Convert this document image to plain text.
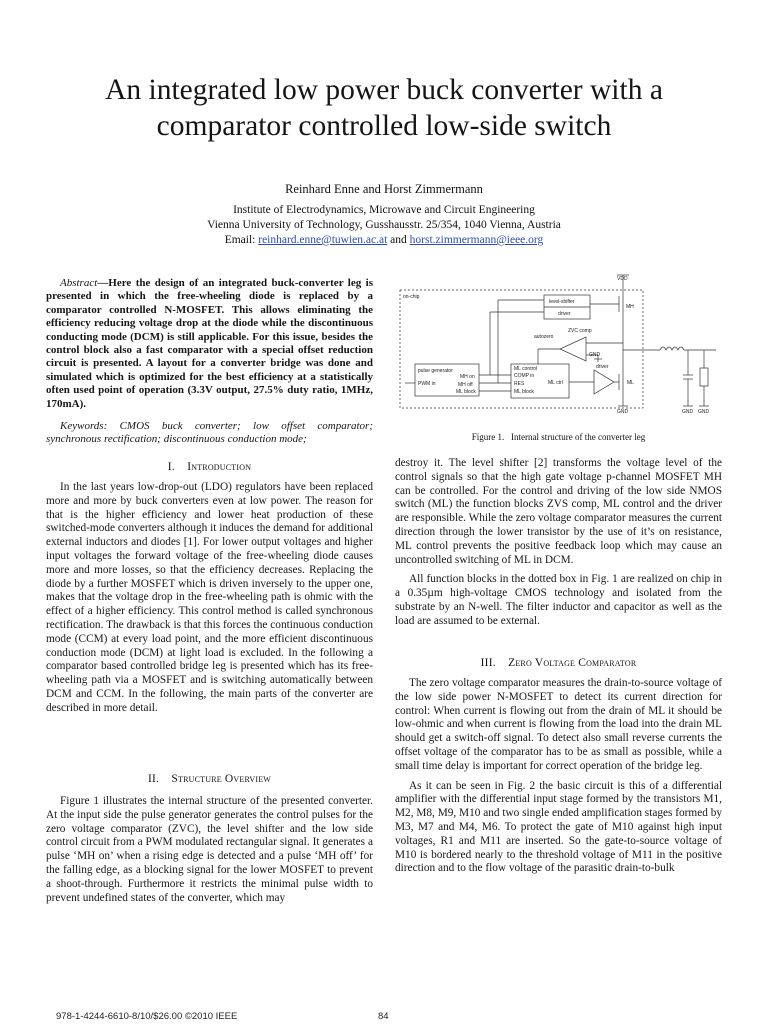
An integrated low power buck converter with a
comparator controlled low-side switch
Reinhard Enne and Horst Zimmermann
Institute of Electrodynamics, Microwave and Circuit Engineering
Vienna University of Technology, Gusshausstr. 25/354, 1040 Vienna, Austria
Email: reinhard.enne@tuwien.ac.at and horst.zimmermann@ieee.org

Abstract—Here the design of an integrated buck-converter leg is presented in which the free-wheeling diode is replaced by a comparator controlled N-MOSFET. This allows eliminating the efficiency reducing voltage drop at the diode while the discontinuous conducting mode (DCM) is still applicable. For this issue, besides the control block also a fast comparator with a special offset reduction circuit is presented. A layout for a converter bridge was done and simulated which is optimized for the best efficiency at a statistically often used point of operation (3.3V output, 27.5% duty ratio, 1MHz, 170mA).

Keywords: CMOS buck converter; low offset comparator; synchronous rectification; discontinuous conduction mode;

I. Introduction

In the last years low-drop-out (LDO) regulators have been replaced more and more by buck converters even at low power. The reason for that is the higher efficiency and lower heat production of these switched-mode converters although it induces the demand for additional external inductors and diodes [1]. For lower output voltages and higher input voltages the forward voltage of the free-wheeling diode causes more and more losses, so that the efficiency decreases. Replacing the diode by a further MOSFET which is driven inversely to the upper one, makes that the voltage drop in the free-wheeling path is ohmic with the effect of a higher efficiency. This control method is called synchronous rectification. The drawback is that this forces the continuous conduction mode (CCM) at every load point, and the more efficient discontinuous conduction mode (DCM) at light load is excluded. In the following a comparator based controlled bridge leg is presented which has its free-wheeling path via a MOSFET and is switching automatically between DCM and CCM. In the following, the main parts of the converter are described in more detail.

II. Structure Overview

Figure 1 illustrates the internal structure of the presented converter. At the input side the pulse generator generates the control pulses for the zero voltage comparator (ZVC), the level shifter and the low side control circuit from a PWM modulated rectangular signal. It generates a pulse ‘MH on’ when a rising edge is detected and a pulse ‘MH off’ for the falling edge, as a blocking signal for the lower MOSFET to prevent a shoot-through. Furthermore it restricts the minimal pulse width to prevent undefined states of the converter, which may

VDD
on-chip
level-shifter
driver
MH
ZVC comp
autozero
GND
pulse generator
PWM in
MH on
MH off
ML block
ML control
COMP in
RES
ML block
ML ctrl
driver
ML
GND	GND GND
Figure 1. Internal structure of the converter leg

destroy it. The level shifter [2] transforms the voltage level of the control signals so that the high gate voltage p-channel MOSFET MH can be controlled. For the control and driving of the low side NMOS switch (ML) the function blocks ZVS comp, ML control and the driver are responsible. While the zero voltage comparator measures the current direction through the lower transistor by the use of it’s on resistance, ML control prevents the positive feedback loop which may cause an uncontrolled switching of ML in DCM.

All function blocks in the dotted box in Fig. 1 are realized on chip in a 0.35µm high-voltage CMOS technology and isolated from the substrate by an N-well. The filter inductor and capacitor as well as the load are assumed to be external.

III. Zero Voltage Comparator

The zero voltage comparator measures the drain-to-source voltage of the low side power N-MOSFET to detect its current direction for control: When current is flowing out from the drain of ML it should be low-ohmic and when current is flowing from the load into the drain ML should get a switch-off signal. To detect also small reverse currents the offset voltage of the comparator has to be as small as possible, while a small time delay is important for correct operation of the bridge leg.

As it can be seen in Fig. 2 the basic circuit is this of a differential amplifier with the differential input stage formed by the transistors M1, M2, M8, M9, M10 and two single ended amplification stages formed by M3, M7 and M4, M6. To protect the gate of M10 against high input voltages, R1 and M11 are inserted. So the gate-to-source voltage of M10 is bordered nearly to the threshold voltage of M11 in the positive direction and to the flow voltage of the parasitic drain-to-bulk

978-1-4244-6610-8/10/$26.00 ©2010 IEEE	84
